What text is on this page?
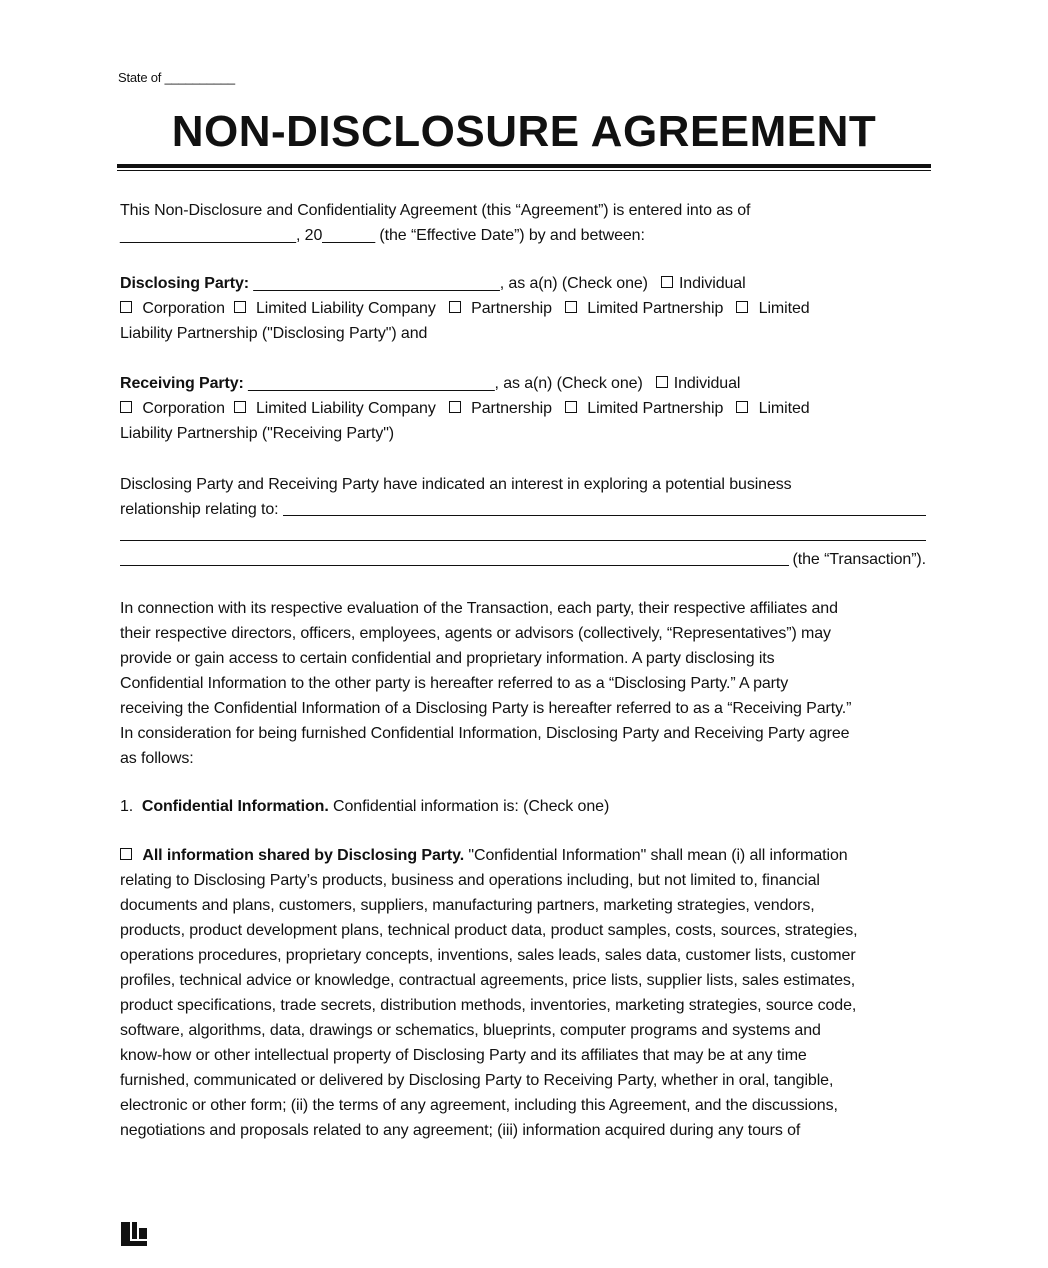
State of __________
NON-DISCLOSURE AGREEMENT
This Non-Disclosure and Confidentiality Agreement (this “Agreement”) is entered into as of
____________________, 20______ (the “Effective Date”) by and between:
Disclosing Party: ____________________________, as a(n) (Check one) Individual
Corporation Limited Liability Company Partnership Limited Partnership Limited
Liability Partnership ("Disclosing Party") and
Receiving Party: ____________________________, as a(n) (Check one) Individual
Corporation Limited Liability Company Partnership Limited Partnership Limited
Liability Partnership ("Receiving Party")
Disclosing Party and Receiving Party have indicated an interest in exploring a potential business
relationship relating to:
(the “Transaction”).
In connection with its respective evaluation of the Transaction, each party, their respective affiliates and
their respective directors, officers, employees, agents or advisors (collectively, “Representatives”) may
provide or gain access to certain confidential and proprietary information. A party disclosing its
Confidential Information to the other party is hereafter referred to as a “Disclosing Party.” A party
receiving the Confidential Information of a Disclosing Party is hereafter referred to as a “Receiving Party.”
In consideration for being furnished Confidential Information, Disclosing Party and Receiving Party agree
as follows:
1. Confidential Information. Confidential information is: (Check one)
All information shared by Disclosing Party. "Confidential Information" shall mean (i) all information
relating to Disclosing Party’s products, business and operations including, but not limited to, financial
documents and plans, customers, suppliers, manufacturing partners, marketing strategies, vendors,
products, product development plans, technical product data, product samples, costs, sources, strategies,
operations procedures, proprietary concepts, inventions, sales leads, sales data, customer lists, customer
profiles, technical advice or knowledge, contractual agreements, price lists, supplier lists, sales estimates,
product specifications, trade secrets, distribution methods, inventories, marketing strategies, source code,
software, algorithms, data, drawings or schematics, blueprints, computer programs and systems and
know-how or other intellectual property of Disclosing Party and its affiliates that may be at any time
furnished, communicated or delivered by Disclosing Party to Receiving Party, whether in oral, tangible,
electronic or other form; (ii) the terms of any agreement, including this Agreement, and the discussions,
negotiations and proposals related to any agreement; (iii) information acquired during any tours of
